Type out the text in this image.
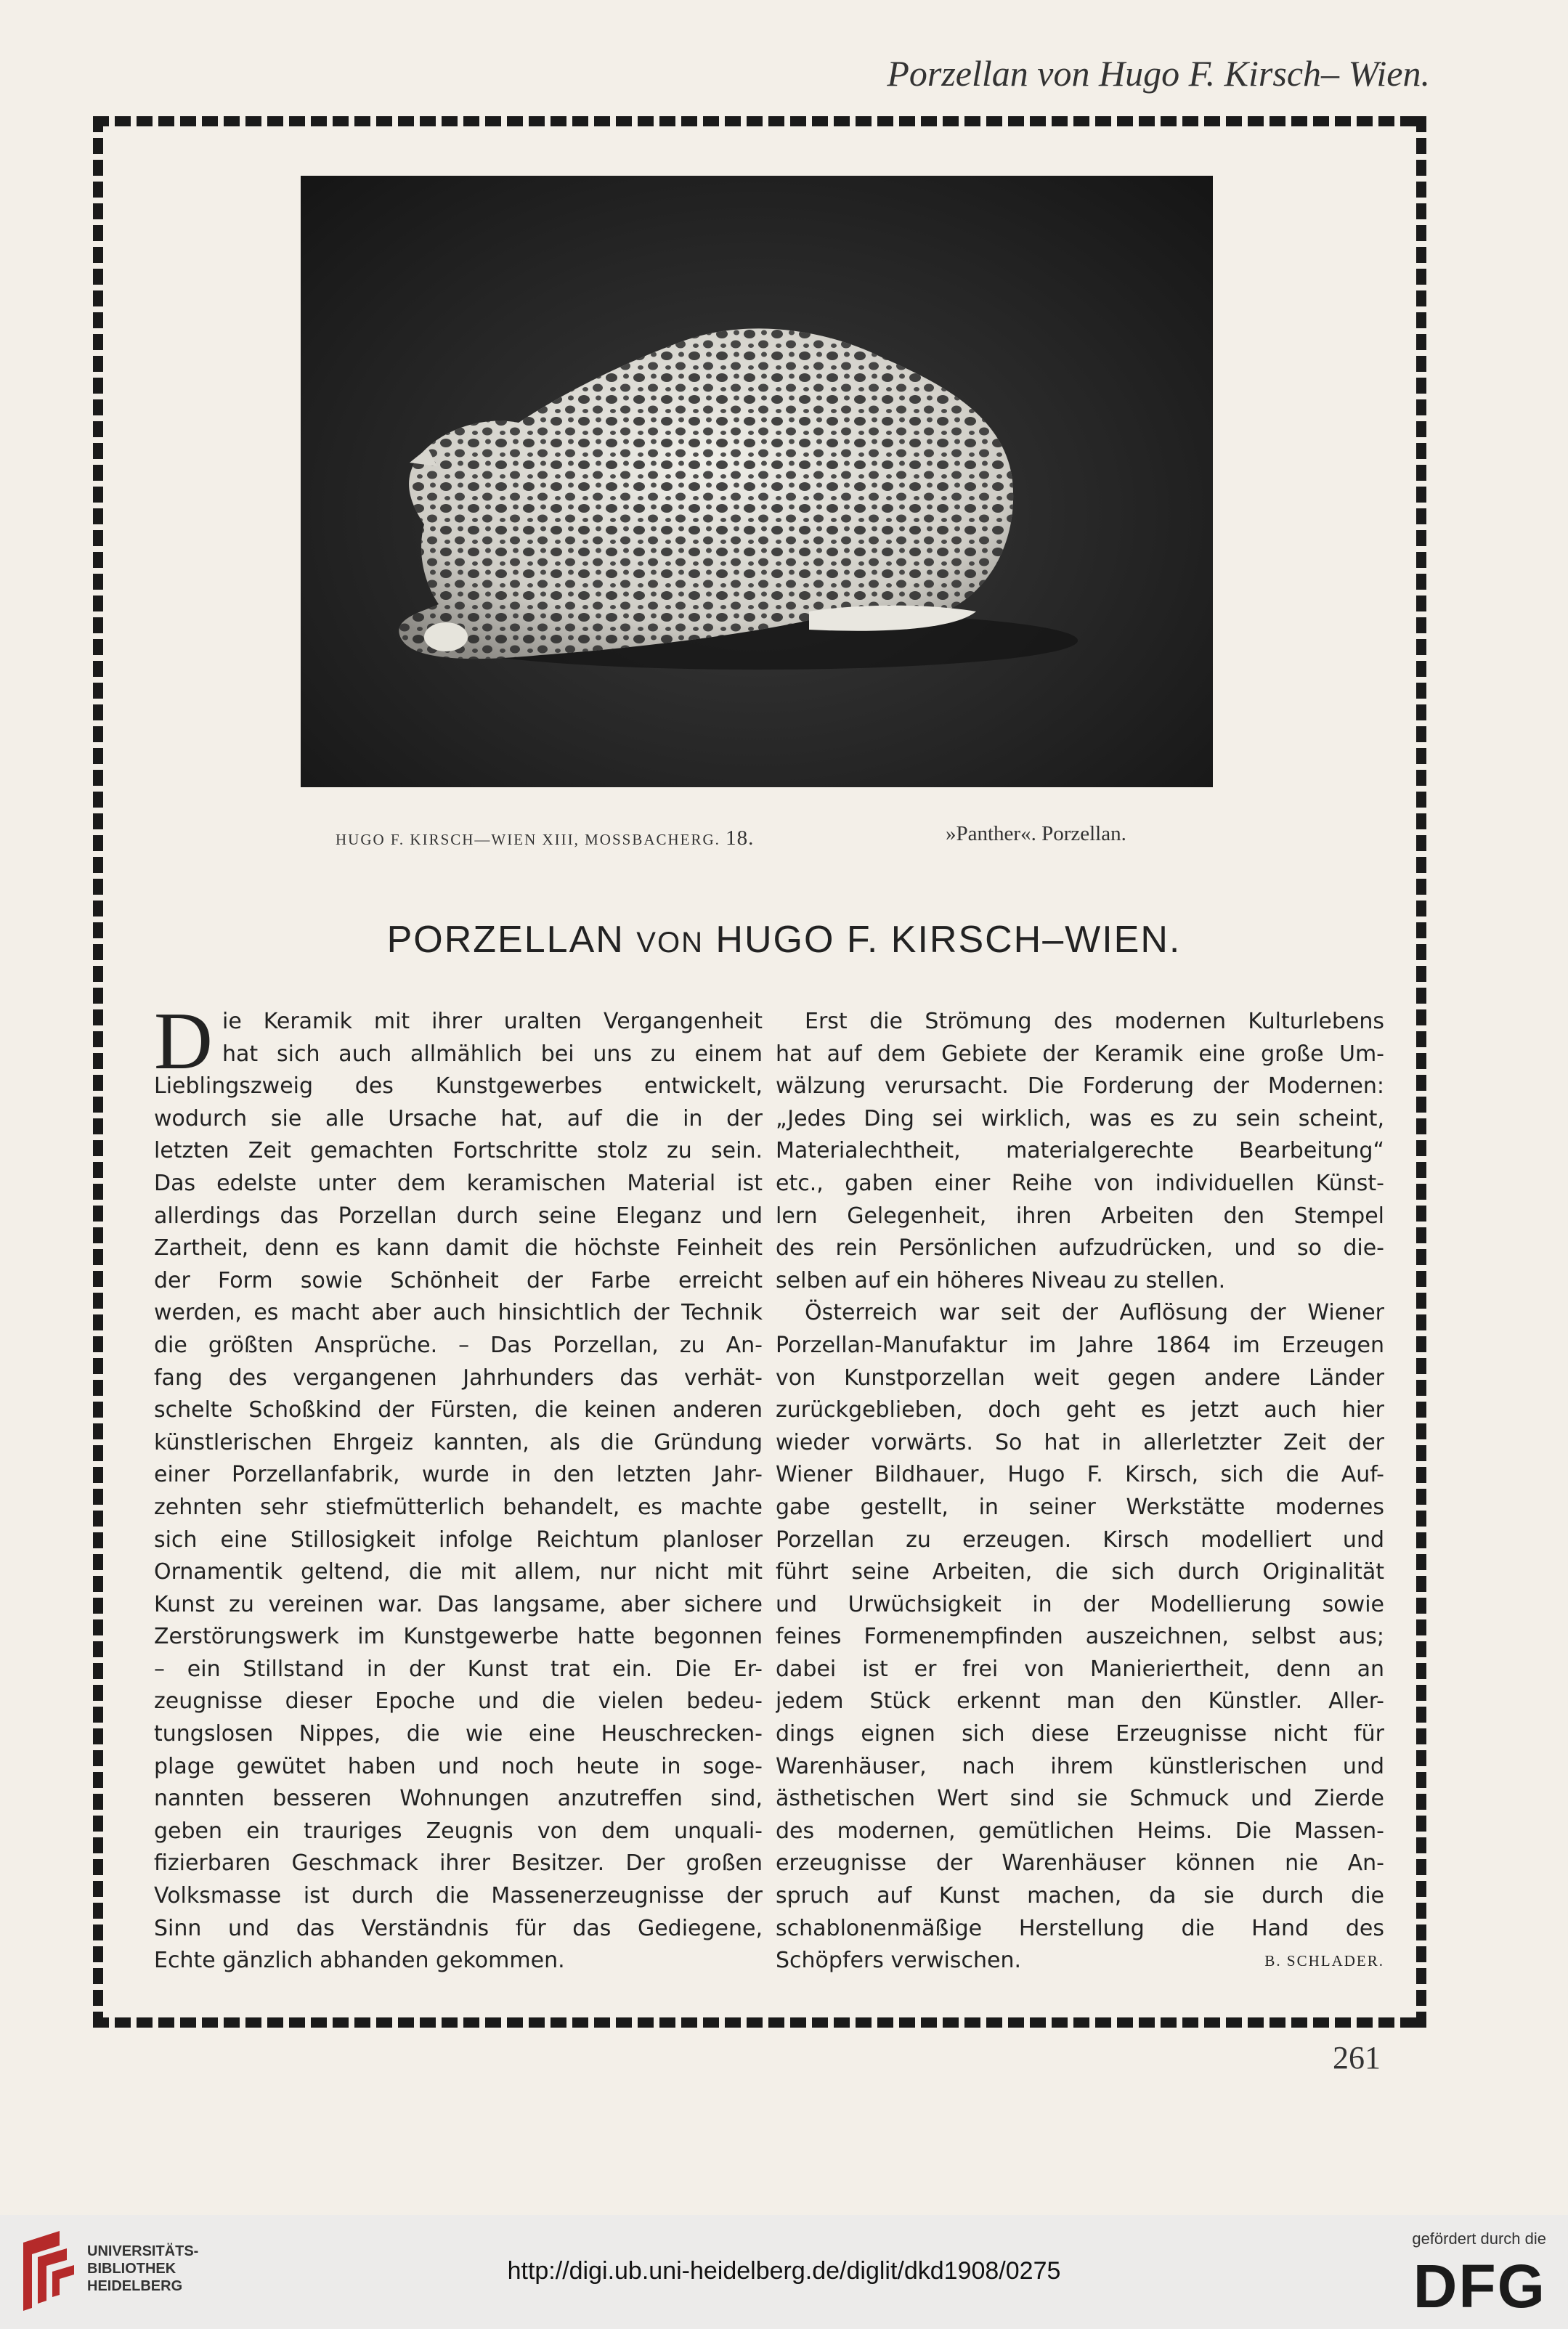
Porzellan von Hugo F. Kirsch– Wien.
HUGO F. KIRSCH—WIEN XIII, MOSSBACHERG. 18.	»Panther«. Porzellan.
PORZELLAN VON HUGO F. KIRSCH–WIEN.
D ie Keramik mit ihrer uralten Vergangenheit
hat sich auch allmählich bei uns zu einem
Lieblingszweig des Kunstgewerbes entwickelt,
wodurch sie alle Ursache hat, auf die in der
letzten Zeit gemachten Fortschritte stolz zu sein.
Das edelste unter dem keramischen Material ist
allerdings das Porzellan durch seine Eleganz und
Zartheit, denn es kann damit die höchste Feinheit
der Form sowie Schönheit der Farbe erreicht
werden, es macht aber auch hinsichtlich der Technik
die größten Ansprüche. – Das Porzellan, zu An-
fang des vergangenen Jahrhunders das verhät-
schelte Schoßkind der Fürsten, die keinen anderen
künstlerischen Ehrgeiz kannten, als die Gründung
einer Porzellanfabrik, wurde in den letzten Jahr-
zehnten sehr stiefmütterlich behandelt, es machte
sich eine Stillosigkeit infolge Reichtum planloser
Ornamentik geltend, die mit allem, nur nicht mit
Kunst zu vereinen war. Das langsame, aber sichere
Zerstörungswerk im Kunstgewerbe hatte begonnen
– ein Stillstand in der Kunst trat ein. Die Er-
zeugnisse dieser Epoche und die vielen bedeu-
tungslosen Nippes, die wie eine Heuschrecken-
plage gewütet haben und noch heute in soge-
nannten besseren Wohnungen anzutreffen sind,
geben ein trauriges Zeugnis von dem unquali-
fizierbaren Geschmack ihrer Besitzer. Der großen
Volksmasse ist durch die Massenerzeugnisse der
Sinn und das Verständnis für das Gediegene,
Echte gänzlich abhanden gekommen.
Erst die Strömung des modernen Kulturlebens
hat auf dem Gebiete der Keramik eine große Um-
wälzung verursacht. Die Forderung der Modernen:
„Jedes Ding sei wirklich, was es zu sein scheint,
Materialechtheit, materialgerechte Bearbeitung“
etc., gaben einer Reihe von individuellen Künst-
lern Gelegenheit, ihren Arbeiten den Stempel
des rein Persönlichen aufzudrücken, und so die-
selben auf ein höheres Niveau zu stellen.
Österreich war seit der Auflösung der Wiener
Porzellan-Manufaktur im Jahre 1864 im Erzeugen
von Kunstporzellan weit gegen andere Länder
zurückgeblieben, doch geht es jetzt auch hier
wieder vorwärts. So hat in allerletzter Zeit der
Wiener Bildhauer, Hugo F. Kirsch, sich die Auf-
gabe gestellt, in seiner Werkstätte modernes
Porzellan zu erzeugen. Kirsch modelliert und
führt seine Arbeiten, die sich durch Originalität
und Urwüchsigkeit in der Modellierung sowie
feines Formenempfinden auszeichnen, selbst aus;
dabei ist er frei von Manieriertheit, denn an
jedem Stück erkennt man den Künstler. Aller-
dings eignen sich diese Erzeugnisse nicht für
Warenhäuser, nach ihrem künstlerischen und
ästhetischen Wert sind sie Schmuck und Zierde
des modernen, gemütlichen Heims. Die Massen-
erzeugnisse der Warenhäuser können nie An-
spruch auf Kunst machen, da sie durch die
schablonenmäßige Herstellung die Hand des
Schöpfers verwischen.	B. SCHLADER.
261
UNIVERSITÄTS-
BIBLIOTHEK
HEIDELBERG
http://digi.ub.uni-heidelberg.de/diglit/dkd1908/0275
gefördert durch die
DFG
